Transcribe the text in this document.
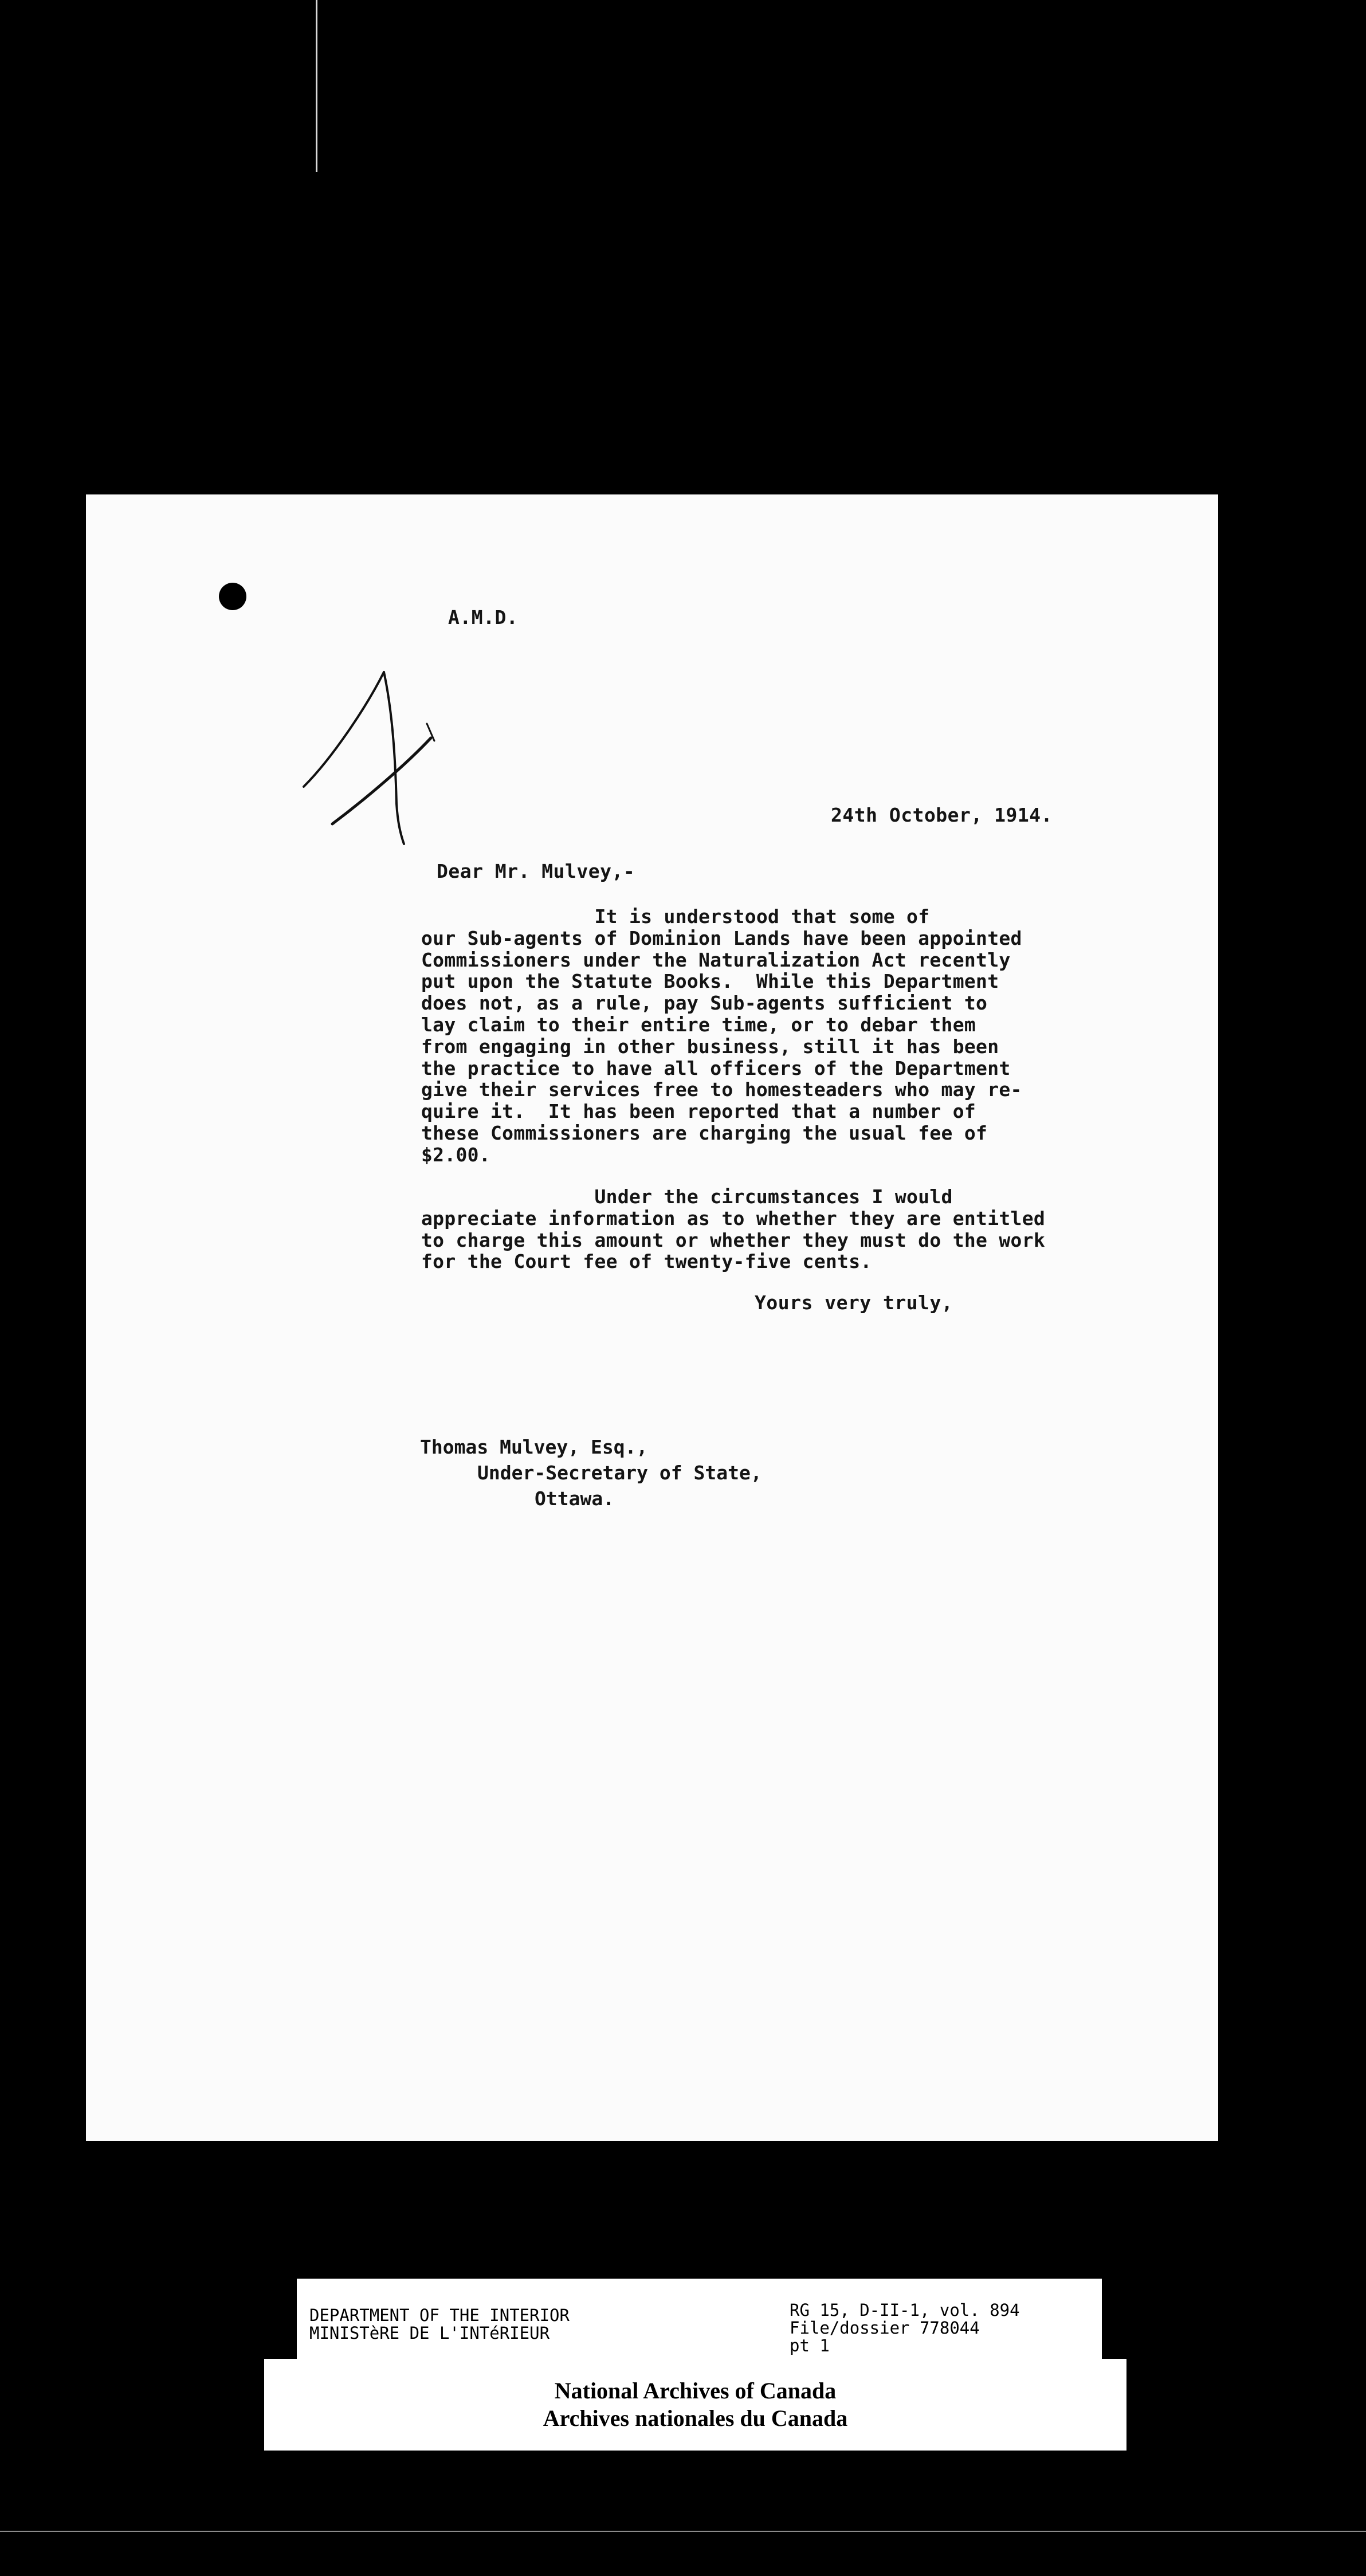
A.M.D.
24th October, 1914.
Dear Mr. Mulvey,-
It is understood that some of
our Sub-agents of Dominion Lands have been appointed
Commissioners under the Naturalization Act recently
put upon the Statute Books.  While this Department
does not, as a rule, pay Sub-agents sufficient to
lay claim to their entire time, or to debar them
from engaging in other business, still it has been
the practice to have all officers of the Department
give their services free to homesteaders who may re-
quire it.  It has been reported that a number of
these Commissioners are charging the usual fee of
$2.00.
Under the circumstances I would
appreciate information as to whether they are entitled
to charge this amount or whether they must do the work
for the Court fee of twenty-five cents.
Yours very truly,
Thomas Mulvey, Esq.,
Under-Secretary of State,
Ottawa.
DEPARTMENT OF THE INTERIOR
MINISTèRE DE L'INTéRIEUR
RG 15, D-II-1, vol. 894
File/dossier 778044
pt 1
National Archives of Canada
Archives nationales du Canada
